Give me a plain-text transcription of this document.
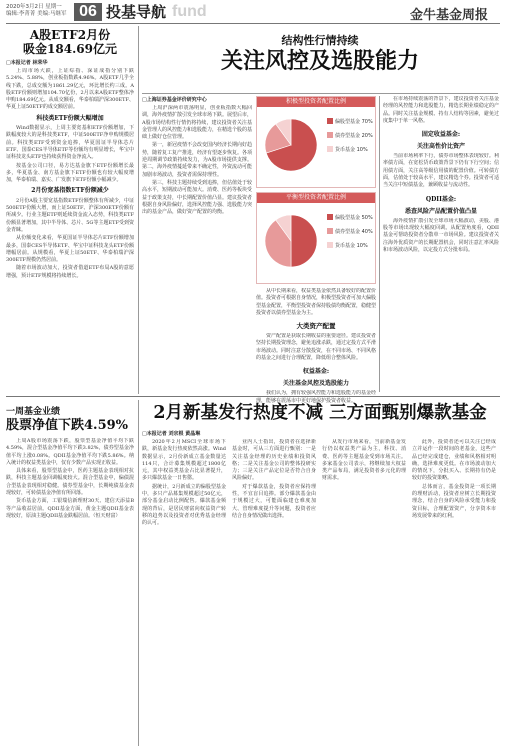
2020年3月2日 星期一
编辑:李菁菁 美编:马继军 06 投基导航 fund	金牛基金周报
A股ETF2月份
吸金184.69亿元
□本报记者 林荣华

上周市场大跌，上证综指、深证成指分别下跌5.24%、5.88%，创业板指数跌4.96%。A股ETF几乎全线下跌，总成交额为1861.29亿元，环比增长约三成。A股ETF份额则增加104.70亿份，2月以来A股ETF整体净申购184.69亿元。从成交额看，华泰柏瑞沪深300ETF、华夏上证50ETF的成交额居前。

科技类ETF份额大幅增加

Wind数据显示，上周主要宽基和ETF份额增加，下跌幅度较大的是科技类ETF，中证500ETF净申购规模居前。科技类ETF受到资金追捧，华夏国证半导体芯片ETF、国泰CES半导体ETF等份额均有明显增长，华宝中证科技龙头ETF也持续获得资金净流入。

按基金公司口径，易方达基金旗下ETF份额增长最多，华夏基金、南方基金旗下ETF份额也有较大幅度增加，华泰柏瑞、嘉实、广发旗下ETF份额小幅减少。

2月份宽基指数ETF份额减少

2月份A股主要宽基指数ETF份额整体有所减少，中证500ETF份额大增，而上证50ETF、沪深300ETF份额有所减少。行业主题ETF则延续资金流入态势，科技类ETF份额显著增加，其中半导体、芯片、5G等主题ETF受到资金青睐。

从份额变化来看，华夏国证半导体芯片ETF份额增加最多，国泰CES半导体ETF、华宝中证科技龙头ETF份额增幅居前。从规模看，华夏上证50ETF、华泰柏瑞沪深300ETF规模仍然居前。

随着市场波动加大，投资者借道ETF布局A股的意愿增强，预计ETF规模将持续增长。

结构性行情持续
关注风控及选股能力
□上海证券基金评价研究中心

上周沪深两市震荡明显，创业板指数大幅回调，海外疫情扩散引发全球市场下跌。展望后市，A股市场结构性行情仍将持续，建议投资者关注基金管理人的风控能力和选股能力，在精选个股的基础上做好仓位管理。

第一，新冠疫情不会改变国内经济长期向好趋势，随着复工复产推进，经济有望逐步恢复。各项逆周期调节政策持续发力，为A股市场提供支撑。第二，海外疫情蔓延带来不确定性，外资流动可能加剧市场波动，投资者需保持理性。

第三，科技主题持续受到追捧，但估值处于较高水平，短期波动可能加大。消费、医药等板块受益于政策支持，中长期配置价值凸显。建议投资者根据自身风险偏好，选择风控能力强、选股能力突出的基金产品，做好资产配置的均衡。

积极型投资者配置比例
偏股型基金 70%
债券型基金 20%
货币基金 10%
平衡型投资者配置比例
偏股型基金 50%
债券型基金 40%
货币基金 10%

从中长期来看，权益类基金依然具备较好的配置价值。投资者可根据自身情况，积极型投资者可加大偏股型基金配置，平衡型投资者保持股债均衡配置，稳健型投资者以债券型基金为主。

大类资产配置

资产配置是获取长期收益的重要途径。建议投资者坚持长期投资理念，避免追涨杀跌，通过定投方式平滑市场波动。同时注意分散投资，在不同市场、不同风格的基金之间进行合理配置，降低组合整体风险。

权益基金:
关注基金风控及选股能力

我们认为，拥有较强风控能力和选股能力的基金经理，能够在震荡市中更好地保护投资者收益。

在市场持续震荡的背景下，建议投资者关注基金经理的风控能力和选股能力，精选长期业绩稳定的产品。同时关注基金规模、持有人结构等因素，避免过度集中于单一风格。

固定收益基金:
关注高性价比资产

当前市场利率下行，债券市场整体表现较好。利率债方面，在宽松货币政策背景下仍有下行空间；信用债方面，关注高等级信用债的配置价值。可转债方面，估值处于较高水平，建议精选个券。投资者可适当关注中短债基金，兼顾收益与流动性。

QDII基金:
悉查风险产品配置价值凸显

海外疫情扩散引发全球市场大幅波动，美股、港股等市场出现较大幅度回调。从配置角度看，QDII基金可帮助投资者分散单一市场风险。建议投资者关注海外优质资产的长期配置机会，同时注意汇率风险和市场波动风险，以定投方式分批布局。

一周基金业绩
股票净值下跌4.59%

上周A股市场震荡下跌，股票型基金净值平均下跌4.59%，混合型基金净值平均下跌3.82%，债券型基金净值平均上涨0.08%。QDII基金净值平均下跌5.86%。纳入统计的权益类基金中，仅有少数产品实现正收益。

具体来看，股票型基金中，医药主题基金表现相对抗跌，科技主题基金回调幅度较大。混合型基金中，偏债混合型基金表现相对稳健。债券型基金中，长期纯债基金表现较好，可转债基金净值有所回落。

货币基金方面，工银瑞信新理财30天、建信天添益B等产品收益居前。QDII基金方面，黄金主题QDII基金表现较好，原油主题QDII基金跌幅居前。（恒天财富）

2月新基发行热度不减 三方面甄别爆款基金
□本报记者 刘宗根 黄晶琳

2020年2月MSCI全球市场下跌，新基金发行热度依然高涨。Wind数据显示，2月份新成立基金数量达114只，合计募集规模超过1800亿元，其中权益类基金占比显著提升，多只爆款基金一日售罄。

据统计，2月新成立的偏股型基金中，多只产品募集规模超过50亿元，部分基金启动比例配售。爆款基金频现的背后，是居民财富向权益资产转移的趋势以及投资者对优秀基金经理的认可。

业内人士指出，投资者在选择新基金时，可从三方面进行甄别：一是关注基金经理的历史业绩和投资风格；二是关注基金公司的整体投研实力；三是关注产品定位是否符合自身风险偏好。

对于爆款基金，投资者应保持理性，不宜盲目追捧。部分爆款基金由于规模过大，可能面临建仓难度加大、管理难度提升等问题，投资者应结合自身情况做出选择。

从发行市场来看，当前新基金发行仍以权益类产品为主，科技、消费、医药等主题基金受到市场关注。多家基金公司表示，将继续加大权益类产品布局，满足投资者多元化的理财需求。

此外，投资者还可以关注已经成立并运作一段时间的老基金，这些产品已经完成建仓，业绩和风格相对明确，选择难度更低。在市场波动加大的情况下，分批买入、长期持有仍是较好的投资策略。

总体而言，基金投资是一项长期的理财活动，投资者应树立长期投资理念，结合自身的风险承受能力和投资目标，合理配置资产，分享资本市场发展带来的红利。
